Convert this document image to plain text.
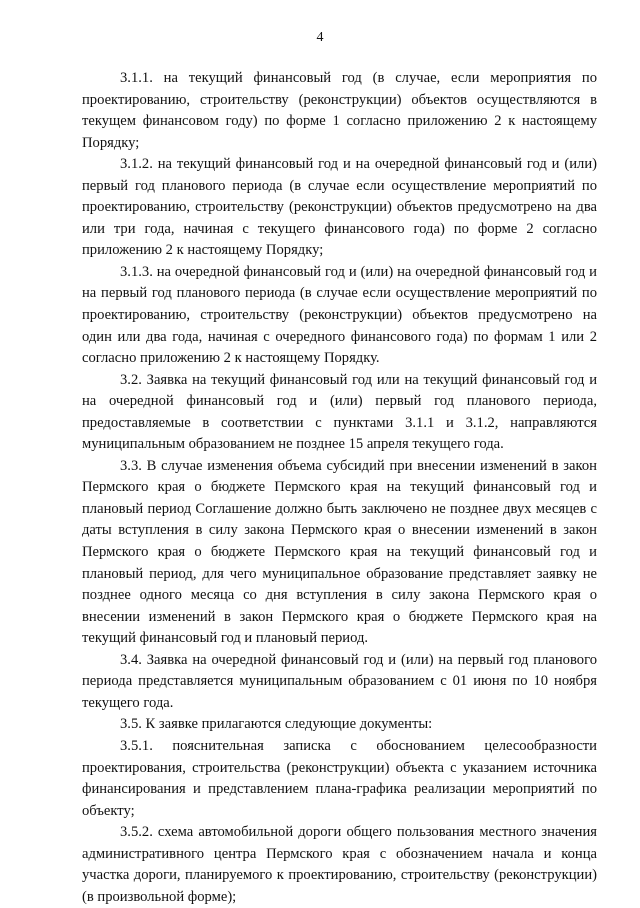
4

3.1.1. на текущий финансовый год (в случае, если мероприятия по проектированию, строительству (реконструкции) объектов осуществляются в текущем финансовом году) по форме 1 согласно приложению 2 к настоящему Порядку;

3.1.2. на текущий финансовый год и на очередной финансовый год и (или) первый год планового периода (в случае если осуществление мероприятий по проектированию, строительству (реконструкции) объектов предусмотрено на два или три года, начиная с текущего финансового года) по форме 2 согласно приложению 2 к настоящему Порядку;

3.1.3. на очередной финансовый год и (или) на очередной финансовый год и на первый год планового периода (в случае если осуществление мероприятий по проектированию, строительству (реконструкции) объектов предусмотрено на один или два года, начиная с очередного финансового года) по формам 1 или 2 согласно приложению 2 к настоящему Порядку.

3.2. Заявка на текущий финансовый год или на текущий финансовый год и на очередной финансовый год и (или) первый год планового периода, предоставляемые в соответствии с пунктами 3.1.1 и 3.1.2, направляются муниципальным образованием не позднее 15 апреля текущего года.

3.3. В случае изменения объема субсидий при внесении изменений в закон Пермского края о бюджете Пермского края на текущий финансовый год и плановый период Соглашение должно быть заключено не позднее двух месяцев с даты вступления в силу закона Пермского края о внесении изменений в закон Пермского края о бюджете Пермского края на текущий финансовый год и плановый период, для чего муниципальное образование представляет заявку не позднее одного месяца со дня вступления в силу закона Пермского края о внесении изменений в закон Пермского края о бюджете Пермского края на текущий финансовый год и плановый период.

3.4. Заявка на очередной финансовый год и (или) на первый год планового периода представляется муниципальным образованием с 01 июня по 10 ноября текущего года.

3.5. К заявке прилагаются следующие документы:

3.5.1. пояснительная записка с обоснованием целесообразности проектирования, строительства (реконструкции) объекта с указанием источника финансирования и представлением плана-графика реализации мероприятий по объекту;

3.5.2. схема автомобильной дороги общего пользования местного значения административного центра Пермского края с обозначением начала и конца участка дороги, планируемого к проектированию, строительству (реконструкции) (в произвольной форме);
